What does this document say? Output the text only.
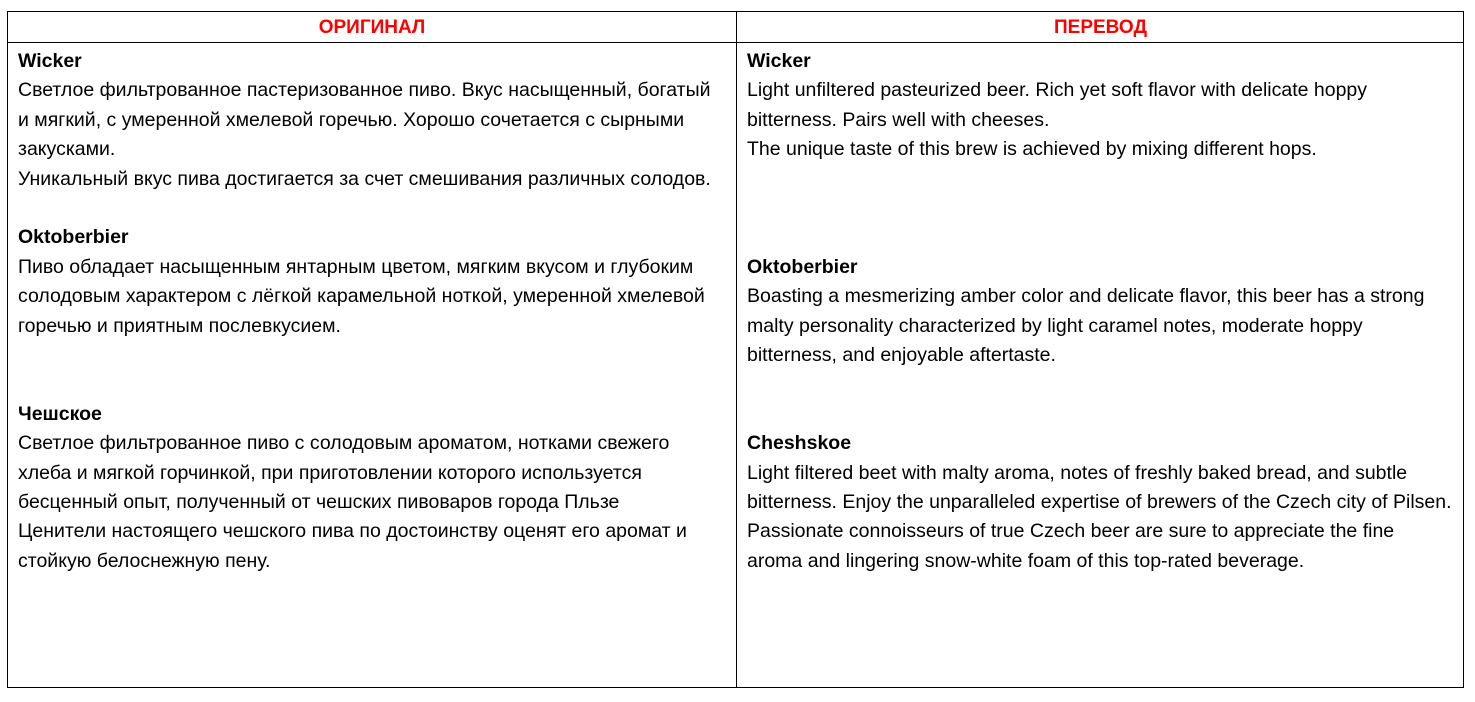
ОРИГИНАЛ	ПЕРЕВОД
Wicker
Светлое фильтрованное пастеризованное пиво. Вкус насыщенный, богатый и мягкий, с умеренной хмелевой горечью. Хорошо сочетается с сырными закусками.
Уникальный вкус пива достигается за счет смешивания различных солодов.
Oktoberbier
Пиво обладает насыщенным янтарным цветом, мягким вкусом и глубоким солодовым характером с лёгкой карамельной ноткой, умеренной хмелевой горечью и приятным послевкусием.
Чешское
Светлое фильтрованное пиво с солодовым ароматом, нотками свежего хлеба и мягкой горчинкой, при приготовлении которого используется бесценный опыт, полученный от чешских пивоваров города Пльзе
Ценители настоящего чешского пива по достоинству оценят его аромат и стойкую белоснежную пену.
Wicker
Light unfiltered pasteurized beer. Rich yet soft flavor with delicate hoppy bitterness. Pairs well with cheeses.
The unique taste of this brew is achieved by mixing different hops.
Oktoberbier
Boasting a mesmerizing amber color and delicate flavor, this beer has a strong malty personality characterized by light caramel notes, moderate hoppy bitterness, and enjoyable aftertaste.
Cheshskoe
Light filtered beet with malty aroma, notes of freshly baked bread, and subtle bitterness. Enjoy the unparalleled expertise of brewers of the Czech city of Pilsen.
Passionate connoisseurs of true Czech beer are sure to appreciate the fine aroma and lingering snow-white foam of this top-rated beverage.
